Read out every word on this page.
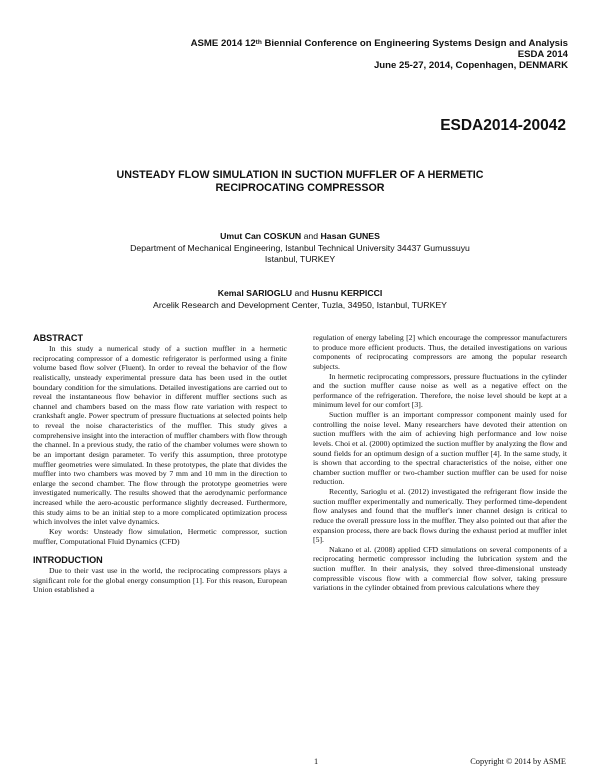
ASME 2014 12th Biennial Conference on Engineering Systems Design and Analysis
ESDA 2014
June 25-27, 2014, Copenhagen, DENMARK
ESDA2014-20042
UNSTEADY FLOW SIMULATION IN SUCTION MUFFLER OF A HERMETIC
RECIPROCATING COMPRESSOR
Umut Can COSKUN and Hasan GUNES
Department of Mechanical Engineering, Istanbul Technical University 34437 Gumussuyu
Istanbul, TURKEY
Kemal SARIOGLU and Husnu KERPICCI
Arcelik Research and Development Center, Tuzla, 34950, Istanbul, TURKEY
ABSTRACT

In this study a numerical study of a suction muffler in a hermetic reciprocating compressor of a domestic refrigerator is performed using a finite volume based flow solver (Fluent). In order to reveal the behavior of the flow realistically, unsteady experimental pressure data has been used in the outlet boundary condition for the simulations. Detailed investigations are carried out to reveal the instantaneous flow behavior in different muffler sections such as channel and chambers based on the mass flow rate variation with respect to crankshaft angle. Power spectrum of pressure fluctuations at selected points help to reveal the noise characteristics of the muffler. This study gives a comprehensive insight into the interaction of muffler chambers with flow through the channel. In a previous study, the ratio of the chamber volumes were shown to be an important design parameter. To verify this assumption, three prototype muffler geometries were simulated. In these prototypes, the plate that divides the muffler into two chambers was moved by 7 mm and 10 mm in the direction to enlarge the second chamber. The flow through the prototype geometries were investigated numerically. The results showed that the aerodynamic performance increased while the aero-acoustic performance slightly decreased. Furthermore, this study aims to be an initial step to a more complicated optimization process which involves the inlet valve dynamics.

Key words: Unsteady flow simulation, Hermetic compressor, suction muffler, Computational Fluid Dynamics (CFD)

INTRODUCTION

Due to their vast use in the world, the reciprocating compressors plays a significant role for the global energy consumption [1]. For this reason, European Union established a

regulation of energy labeling [2] which encourage the compressor manufacturers to produce more efficient products. Thus, the detailed investigations on various components of reciprocating compressors are among the popular research subjects.

In hermetic reciprocating compressors, pressure fluctuations in the cylinder and the suction muffler cause noise as well as a negative effect on the performance of the refrigeration. Therefore, the noise level should be kept at a minimum level for our comfort [3].

Suction muffler is an important compressor component mainly used for controlling the noise level. Many researchers have devoted their attention on suction mufflers with the aim of achieving high performance and low noise levels. Choi et al. (2000) optimized the suction muffler by analyzing the flow and sound fields for an optimum design of a suction muffler [4]. In the same study, it is shown that according to the spectral characteristics of the noise, either one chamber suction muffler or two-chamber suction muffler can be used for noise reduction.

Recently, Sarioglu et al. (2012) investigated the refrigerant flow inside the suction muffler experimentally and numerically. They performed time-dependent flow analyses and found that the muffler's inner channel design is critical to reduce the overall pressure loss in the muffler. They also pointed out that after the expansion process, there are back flows during the exhaust period at muffler inlet [5].

Nakano et al. (2008) applied CFD simulations on several components of a reciprocating hermetic compressor including the lubrication system and the suction muffler. In their analysis, they solved three-dimensional unsteady compressible viscous flow with a commercial flow solver, taking pressure variations in the cylinder obtained from previous calculations where they

1	Copyright © 2014 by ASME
